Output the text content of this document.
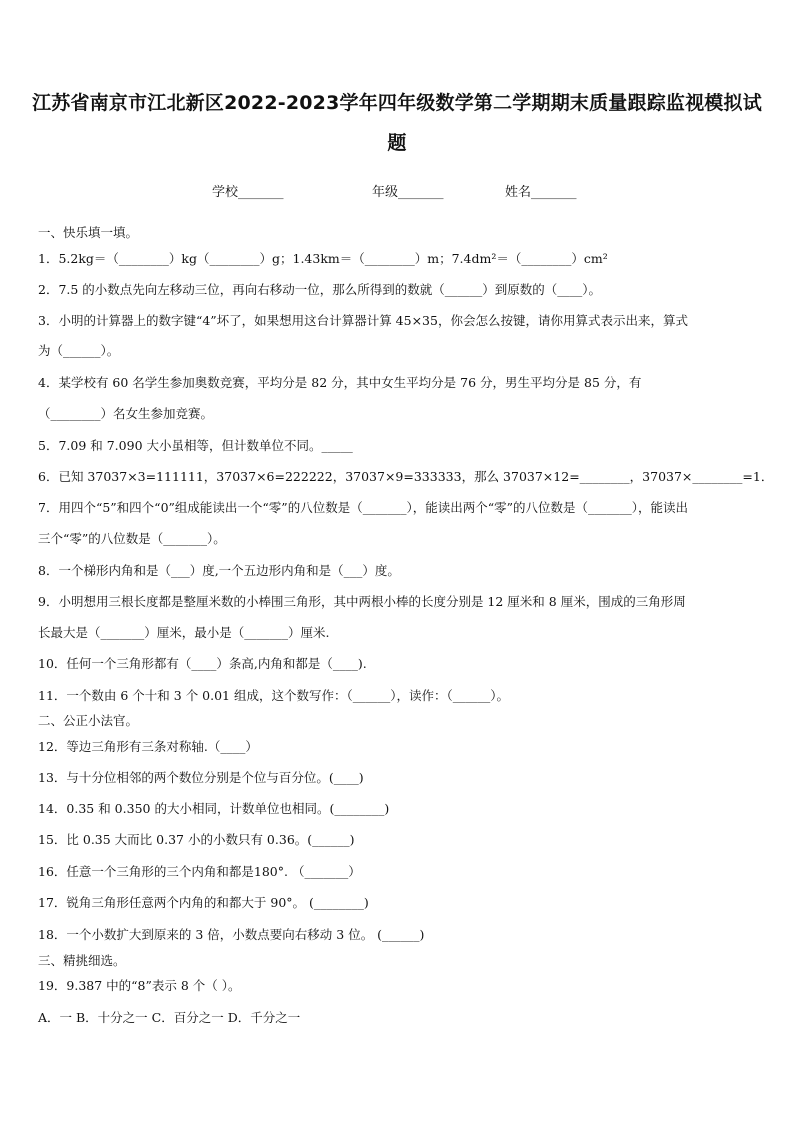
江苏省南京市江北新区2022-2023学年四年级数学第二学期期末质量跟踪监视模拟试
题
学校_______	年级_______	姓名_______
一、快乐填一填。
1．5.2kg＝（________）kg（________）g；1.43km＝（________）m；7.4dm²＝（________）cm²
2．7.5 的小数点先向左移动三位，再向右移动一位，那么所得到的数就（______）到原数的（____）。
3．小明的计算器上的数字键“4”坏了，如果想用这台计算器计算 45×35，你会怎么按键，请你用算式表示出来，算式
为（______）。
4．某学校有 60 名学生参加奥数竞赛，平均分是 82 分，其中女生平均分是 76 分，男生平均分是 85 分，有
（________）名女生参加竞赛。
5．7.09 和 7.090 大小虽相等，但计数单位不同。_____
6．已知 37037×3=111111，37037×6=222222，37037×9=333333，那么 37037×12=________，37037×________=1．
7．用四个“5”和四个“0”组成能读出一个“零”的八位数是（_______），能读出两个“零”的八位数是（_______），能读出
三个“零”的八位数是（_______）。
8．一个梯形内角和是（___）度,一个五边形内角和是（___）度。
9．小明想用三根长度都是整厘米数的小棒围三角形，其中两根小棒的长度分别是 12 厘米和 8 厘米，围成的三角形周
长最大是（_______）厘米，最小是（_______）厘米.
10．任何一个三角形都有（____）条高,内角和都是（____).
11．一个数由 6 个十和 3 个 0.01 组成，这个数写作：（______），读作：（______）。
二、公正小法官。
12．等边三角形有三条对称轴.（____）
13．与十分位相邻的两个数位分别是个位与百分位。(____)
14．0.35 和 0.350 的大小相同，计数单位也相同。(________)
15．比 0.35 大而比 0.37 小的小数只有 0.36。(______)
16．任意一个三角形的三个内角和都是180°. （_______）
17．锐角三角形任意两个内角的和都大于 90°。 (________)
18．一个小数扩大到原来的 3 倍，小数点要向右移动 3 位。 (______)
三、精挑细选。
19．9.387 中的“8”表示 8 个（ ）。
A．一 B．十分之一 C．百分之一 D．千分之一
